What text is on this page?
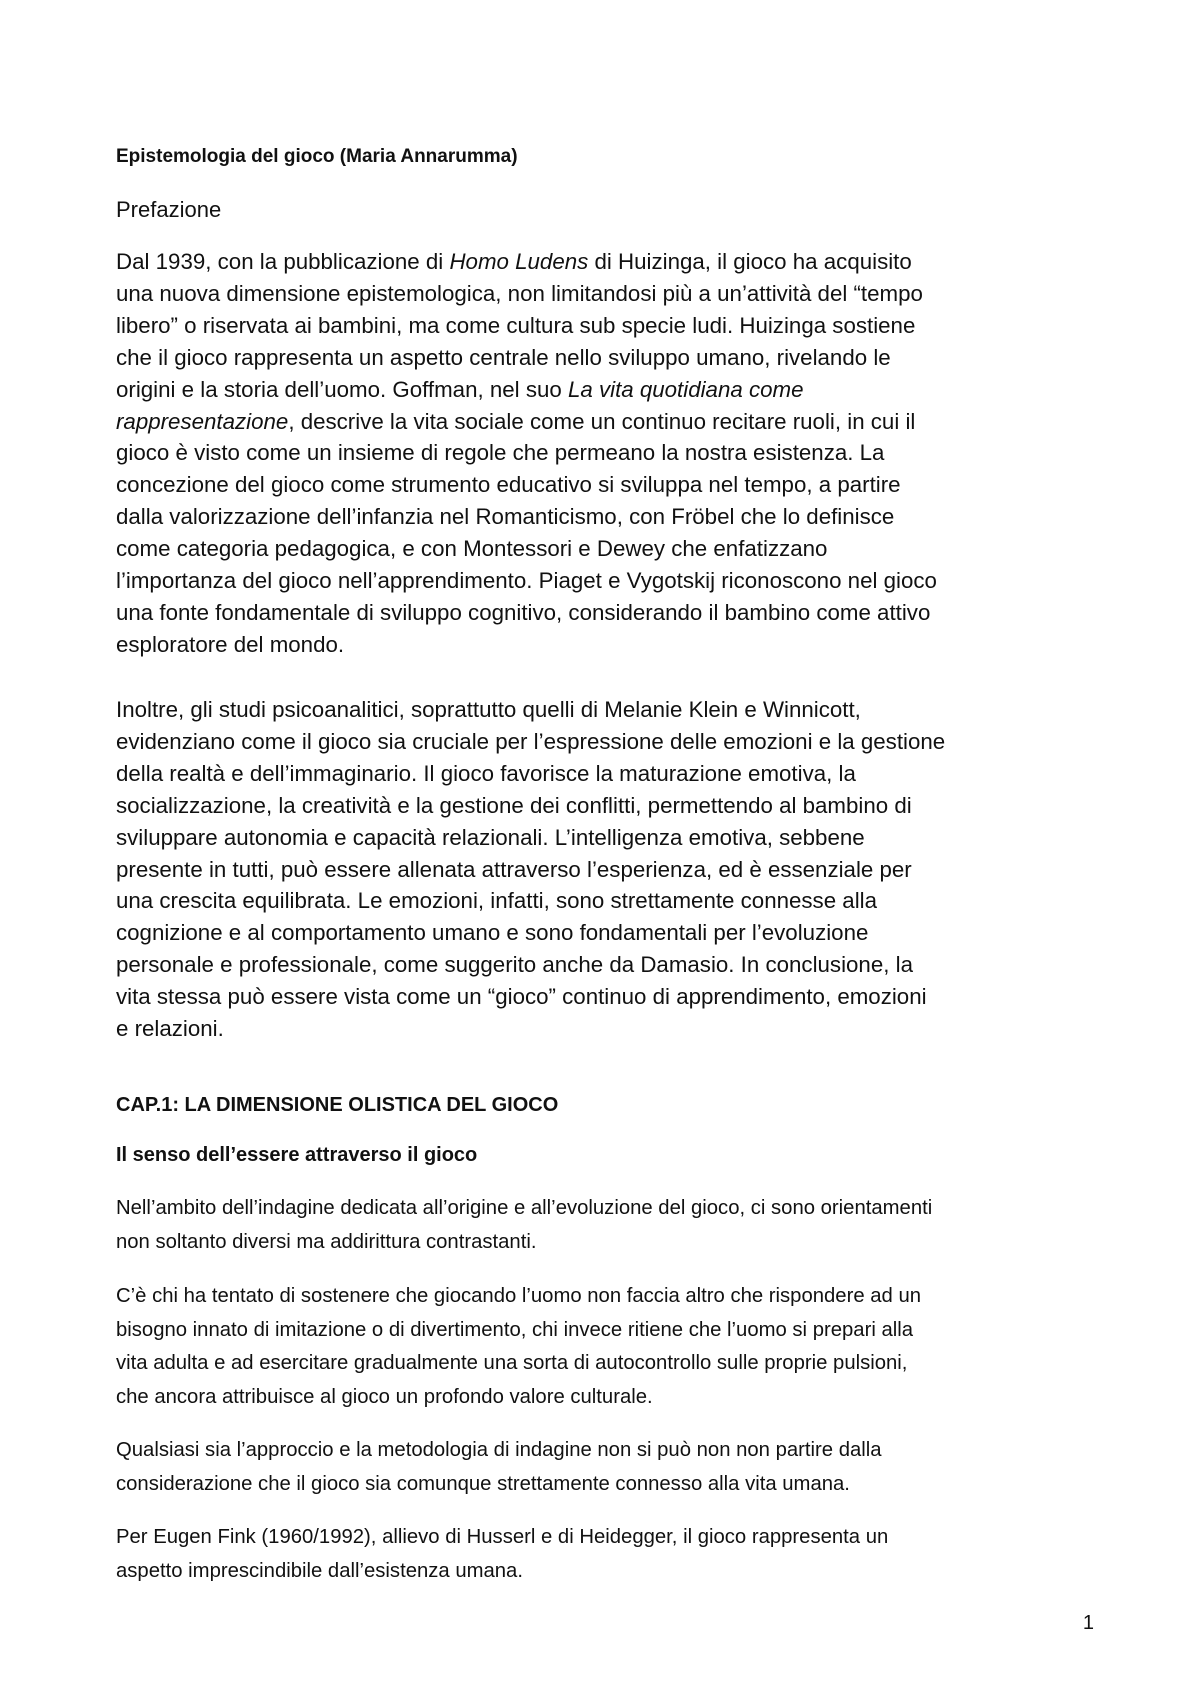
Epistemologia del gioco (Maria Annarumma)

Prefazione

Dal 1939, con la pubblicazione di Homo Ludens di Huizinga, il gioco ha acquisito
una nuova dimensione epistemologica, non limitandosi più a un’attività del “tempo
libero” o riservata ai bambini, ma come cultura sub specie ludi. Huizinga sostiene
che il gioco rappresenta un aspetto centrale nello sviluppo umano, rivelando le
origini e la storia dell’uomo. Goffman, nel suo La vita quotidiana come
rappresentazione, descrive la vita sociale come un continuo recitare ruoli, in cui il
gioco è visto come un insieme di regole che permeano la nostra esistenza. La
concezione del gioco come strumento educativo si sviluppa nel tempo, a partire
dalla valorizzazione dell’infanzia nel Romanticismo, con Fröbel che lo definisce
come categoria pedagogica, e con Montessori e Dewey che enfatizzano
l’importanza del gioco nell’apprendimento. Piaget e Vygotskij riconoscono nel gioco
una fonte fondamentale di sviluppo cognitivo, considerando il bambino come attivo
esploratore del mondo.

Inoltre, gli studi psicoanalitici, soprattutto quelli di Melanie Klein e Winnicott,
evidenziano come il gioco sia cruciale per l’espressione delle emozioni e la gestione
della realtà e dell’immaginario. Il gioco favorisce la maturazione emotiva, la
socializzazione, la creatività e la gestione dei conflitti, permettendo al bambino di
sviluppare autonomia e capacità relazionali. L’intelligenza emotiva, sebbene
presente in tutti, può essere allenata attraverso l’esperienza, ed è essenziale per
una crescita equilibrata. Le emozioni, infatti, sono strettamente connesse alla
cognizione e al comportamento umano e sono fondamentali per l’evoluzione
personale e professionale, come suggerito anche da Damasio. In conclusione, la
vita stessa può essere vista come un “gioco” continuo di apprendimento, emozioni
e relazioni.

CAP.1: LA DIMENSIONE OLISTICA DEL GIOCO

Il senso dell’essere attraverso il gioco

Nell’ambito dell’indagine dedicata all’origine e all’evoluzione del gioco, ci sono orientamenti
non soltanto diversi ma addirittura contrastanti.

C’è chi ha tentato di sostenere che giocando l’uomo non faccia altro che rispondere ad un
bisogno innato di imitazione o di divertimento, chi invece ritiene che l’uomo si prepari alla
vita adulta e ad esercitare gradualmente una sorta di autocontrollo sulle proprie pulsioni,
che ancora attribuisce al gioco un profondo valore culturale.

Qualsiasi sia l’approccio e la metodologia di indagine non si può non non partire dalla
considerazione che il gioco sia comunque strettamente connesso alla vita umana.

Per Eugen Fink (1960/1992), allievo di Husserl e di Heidegger, il gioco rappresenta un
aspetto imprescindibile dall’esistenza umana.

1
